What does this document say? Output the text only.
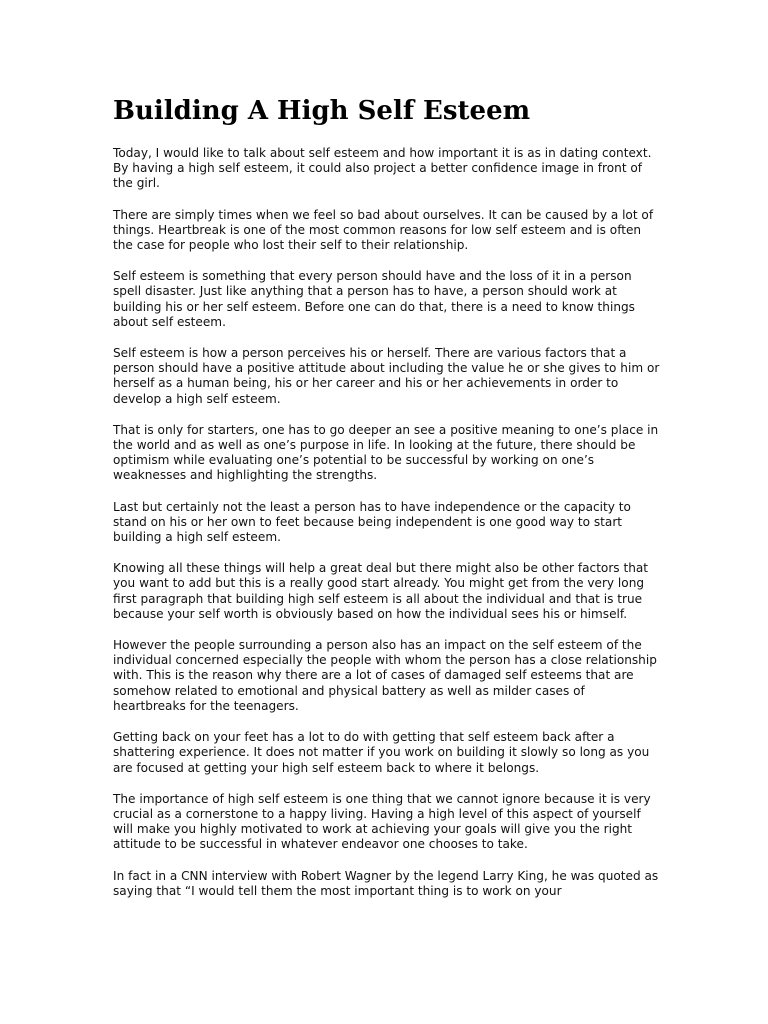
Building A High Self Esteem

Today, I would like to talk about self esteem and how important it is as in dating context. By having a high self esteem, it could also project a better confidence image in front of the girl.

There are simply times when we feel so bad about ourselves. It can be caused by a lot of things. Heartbreak is one of the most common reasons for low self esteem and is often the case for people who lost their self to their relationship.

Self esteem is something that every person should have and the loss of it in a person spell disaster. Just like anything that a person has to have, a person should work at building his or her self esteem. Before one can do that, there is a need to know things about self esteem.

Self esteem is how a person perceives his or herself. There are various factors that a person should have a positive attitude about including the value he or she gives to him or herself as a human being, his or her career and his or her achievements in order to develop a high self esteem.

That is only for starters, one has to go deeper an see a positive meaning to one’s place in the world and as well as one’s purpose in life. In looking at the future, there should be optimism while evaluating one’s potential to be successful by working on one’s weaknesses and highlighting the strengths.

Last but certainly not the least a person has to have independence or the capacity to stand on his or her own to feet because being independent is one good way to start building a high self esteem.

Knowing all these things will help a great deal but there might also be other factors that you want to add but this is a really good start already. You might get from the very long first paragraph that building high self esteem is all about the individual and that is true because your self worth is obviously based on how the individual sees his or himself.

However the people surrounding a person also has an impact on the self esteem of the individual concerned especially the people with whom the person has a close relationship with. This is the reason why there are a lot of cases of damaged self esteems that are somehow related to emotional and physical battery as well as milder cases of heartbreaks for the teenagers.

Getting back on your feet has a lot to do with getting that self esteem back after a shattering experience. It does not matter if you work on building it slowly so long as you are focused at getting your high self esteem back to where it belongs.

The importance of high self esteem is one thing that we cannot ignore because it is very crucial as a cornerstone to a happy living. Having a high level of this aspect of yourself will make you highly motivated to work at achieving your goals will give you the right attitude to be successful in whatever endeavor one chooses to take.

In fact in a CNN interview with Robert Wagner by the legend Larry King, he was quoted as saying that “I would tell them the most important thing is to work on your
